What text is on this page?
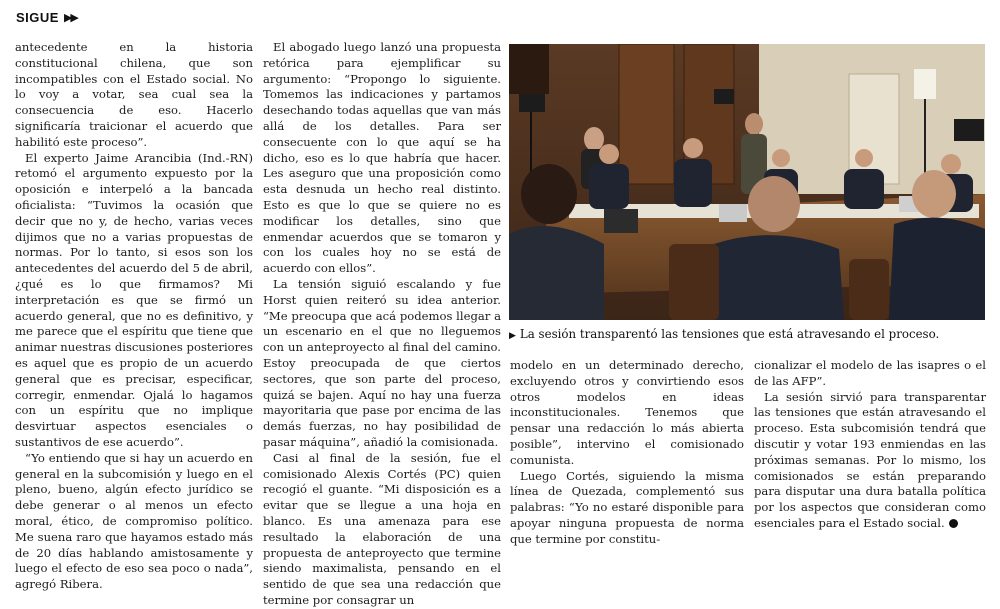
SIGUE ▶▶

antecedente en la historia constitucional chilena, que son incompatibles con el Estado social. No lo voy a votar, sea cual sea la consecuencia de eso. Hacerlo significaría traicionar el acuerdo que habilitó este proceso”.

El experto Jaime Arancibia (Ind.-RN) retomó el argumento expuesto por la oposición e interpeló a la bancada oficialista: “Tuvimos la ocasión que decir que no y, de hecho, varias veces dijimos que no a varias propuestas de normas. Por lo tanto, si esos son los antecedentes del acuerdo del 5 de abril, ¿qué es lo que firmamos? Mi interpretación es que se firmó un acuerdo general, que no es definitivo, y me parece que el espíritu que tiene que animar nuestras discusiones posteriores es aquel que es propio de un acuerdo general que es precisar, especificar, corregir, enmendar. Ojalá lo hagamos con un espíritu que no implique desvirtuar aspectos esenciales o sustantivos de ese acuerdo”.

“Yo entiendo que si hay un acuerdo en general en la subcomisión y luego en el pleno, bueno, algún efecto jurídico se debe generar o al menos un efecto moral, ético, de compromiso político. Me suena raro que hayamos estado más de 20 días hablando amistosamente y luego el efecto de eso sea poco o nada”, agregó Ribera.

El abogado luego lanzó una propuesta retórica para ejemplificar su argumento: “Propongo lo siguiente. Tomemos las indicaciones y partamos desechando todas aquellas que van más allá de los detalles. Para ser consecuente con lo que aquí se ha dicho, eso es lo que habría que hacer. Les aseguro que una proposición como esta desnuda un hecho real distinto. Esto es que lo que se quiere no es modificar los detalles, sino que enmendar acuerdos que se tomaron y con los cuales hoy no se está de acuerdo con ellos”.

La tensión siguió escalando y fue Horst quien reiteró su idea anterior. “Me preocupa que acá podemos llegar a un escenario en el que no lleguemos con un anteproyecto al final del camino. Estoy preocupada de que ciertos sectores, que son parte del proceso, quizá se bajen. Aquí no hay una fuerza mayoritaria que pase por encima de las demás fuerzas, no hay posibilidad de pasar máquina”, añadió la comisionada.

Casi al final de la sesión, fue el comisionado Alexis Cortés (PC) quien recogió el guante. “Mi disposición es a evitar que se llegue a una hoja en blanco. Es una amenaza para ese resultado la elaboración de una propuesta de anteproyecto que termine siendo maximalista, pensando en el sentido de que sea una redacción que termine por consagrar un

▶ La sesión transparentó las tensiones que está atravesando el proceso.

modelo en un determinado derecho, excluyendo otros y convirtiendo esos otros modelos en ideas inconstitucionales. Tenemos que pensar una redacción lo más abierta posible”, intervino el comisionado comunista.

Luego Cortés, siguiendo la misma línea de Quezada, complementó sus palabras: “Yo no estaré disponible para apoyar ninguna propuesta de norma que termine por constitu-

cionalizar el modelo de las isapres o el de las AFP”.

La sesión sirvió para transparentar las tensiones que están atravesando el proceso. Esta subcomisión tendrá que discutir y votar 193 enmiendas en las próximas semanas. Por lo mismo, los comisionados se están preparando para disputar una dura batalla política por los aspectos que consideran como esenciales para el Estado social.
